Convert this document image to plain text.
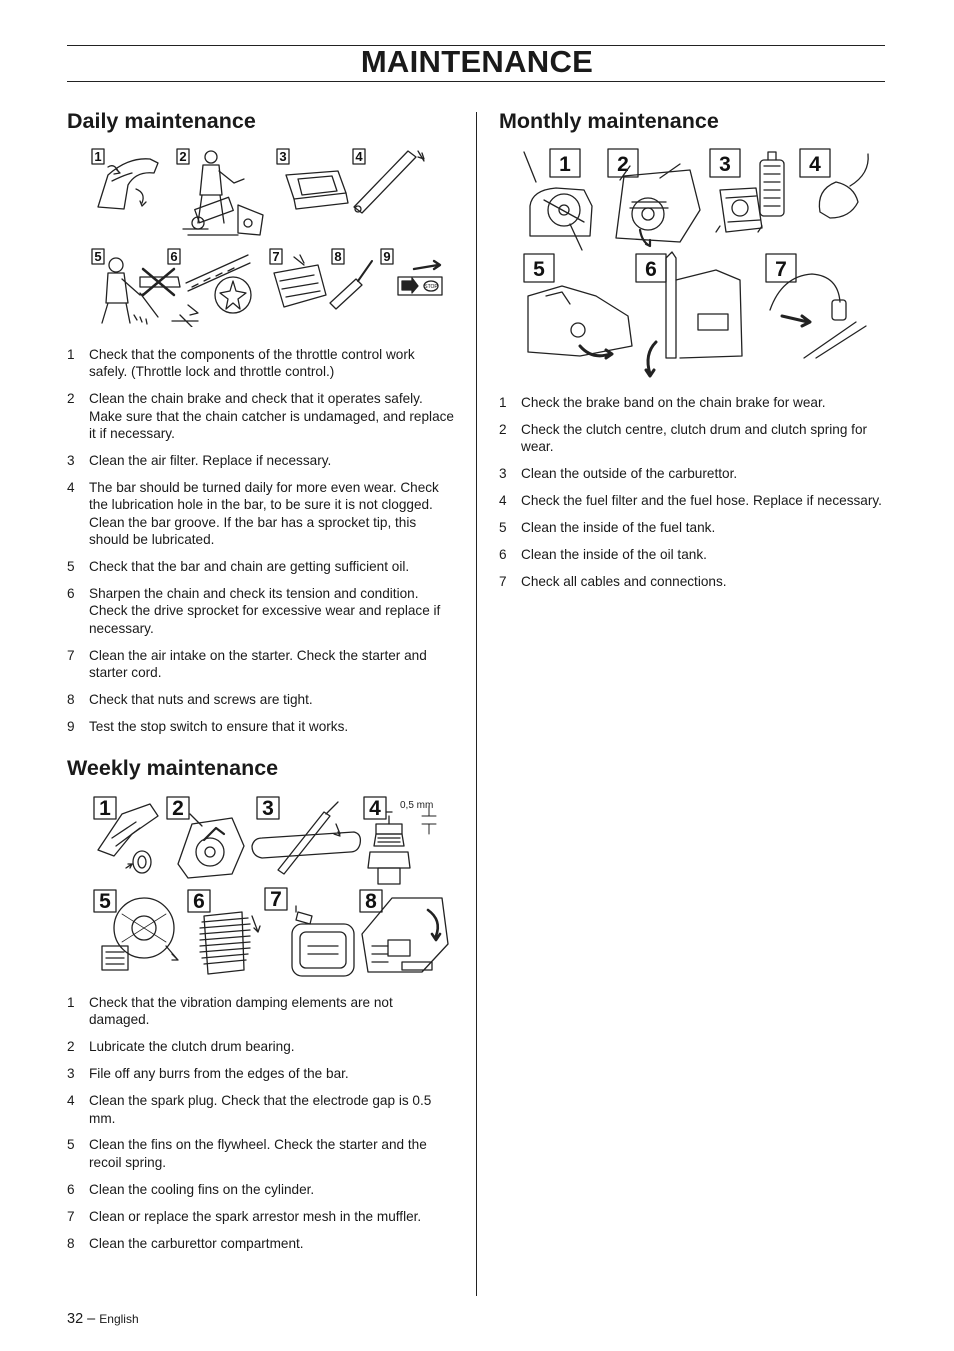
MAINTENANCE
Daily maintenance
1	2	3	4
5	6	7	8	9
STOP
1 Check that the components of the throttle control work safely. (Throttle lock and throttle control.)
2 Clean the chain brake and check that it operates safely. Make sure that the chain catcher is undamaged, and replace it if necessary.
3 Clean the air filter. Replace if necessary.
4 The bar should be turned daily for more even wear. Check the lubrication hole in the bar, to be sure it is not clogged. Clean the bar groove. If the bar has a sprocket tip, this should be lubricated.
5 Check that the bar and chain are getting sufficient oil.
6 Sharpen the chain and check its tension and condition. Check the drive sprocket for excessive wear and replace if necessary.
7 Clean the air intake on the starter. Check the starter and starter cord.
8 Check that nuts and screws are tight.
9 Test the stop switch to ensure that it works.
Weekly maintenance
1	2	3	4
5	6	7	8
0,5 mm
1 Check that the vibration damping elements are not damaged.
2 Lubricate the clutch drum bearing.
3 File off any burrs from the edges of the bar.
4 Clean the spark plug. Check that the electrode gap is 0.5 mm.
5 Clean the fins on the flywheel. Check the starter and the recoil spring.
6 Clean the cooling fins on the cylinder.
7 Clean or replace the spark arrestor mesh in the muffler.
8 Clean the carburettor compartment.
Monthly maintenance
1 2	3	4
5	6	7
1 Check the brake band on the chain brake for wear.
2 Check the clutch centre, clutch drum and clutch spring for wear.
3 Clean the outside of the carburettor.
4 Check the fuel filter and the fuel hose. Replace if necessary.
5 Clean the inside of the fuel tank.
6 Clean the inside of the oil tank.
7 Check all cables and connections.
32 – English
